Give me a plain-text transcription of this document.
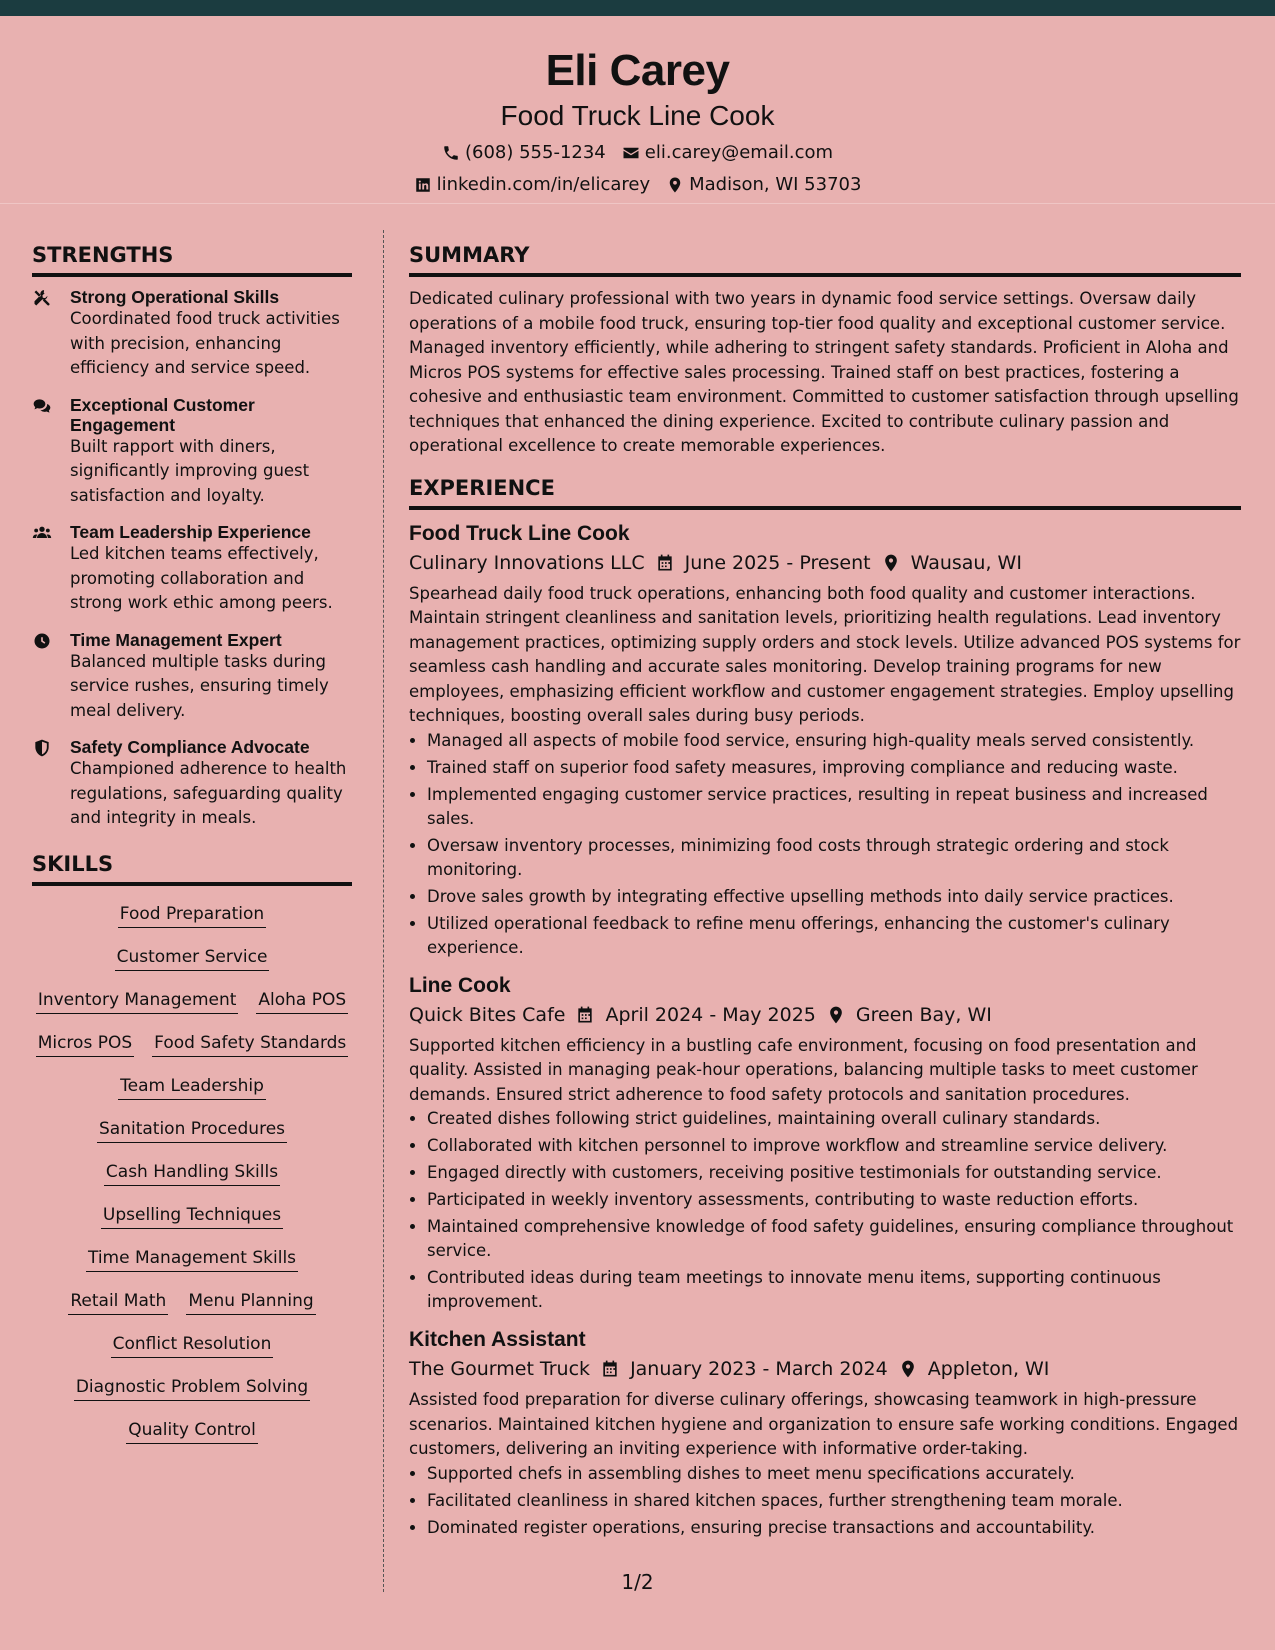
Eli Carey
Food Truck Line Cook
(608) 555-1234 eli.carey@email.com
linkedin.com/in/elicarey Madison, WI 53703
STRENGTHS
Strong Operational Skills
Coordinated food truck activities with precision, enhancing efficiency and service speed.
Exceptional Customer Engagement
Built rapport with diners, significantly improving guest satisfaction and loyalty.
Team Leadership Experience
Led kitchen teams effectively, promoting collaboration and strong work ethic among peers.
Time Management Expert
Balanced multiple tasks during service rushes, ensuring timely meal delivery.
Safety Compliance Advocate
Championed adherence to health regulations, safeguarding quality and integrity in meals.
SKILLS
Food Preparation
Customer Service
Inventory Management Aloha POS
Micros POS Food Safety Standards
Team Leadership
Sanitation Procedures
Cash Handling Skills
Upselling Techniques
Time Management Skills
Retail Math Menu Planning
Conflict Resolution
Diagnostic Problem Solving
Quality Control
SUMMARY

Dedicated culinary professional with two years in dynamic food service settings. Oversaw daily operations of a mobile food truck, ensuring top-tier food quality and exceptional customer service. Managed inventory efficiently, while adhering to stringent safety standards. Proficient in Aloha and Micros POS systems for effective sales processing. Trained staff on best practices, fostering a cohesive and enthusiastic team environment. Committed to customer satisfaction through upselling techniques that enhanced the dining experience. Excited to contribute culinary passion and operational excellence to create memorable experiences.

EXPERIENCE
Food Truck Line Cook
Culinary Innovations LLC June 2025 - Present Wausau, WI
Spearhead daily food truck operations, enhancing both food quality and customer interactions. Maintain stringent cleanliness and sanitation levels, prioritizing health regulations. Lead inventory management practices, optimizing supply orders and stock levels. Utilize advanced POS systems for seamless cash handling and accurate sales monitoring. Develop training programs for new employees, emphasizing efficient workflow and customer engagement strategies. Employ upselling techniques, boosting overall sales during busy periods.
• Managed all aspects of mobile food service, ensuring high-quality meals served consistently.
• Trained staff on superior food safety measures, improving compliance and reducing waste.
• Implemented engaging customer service practices, resulting in repeat business and increased sales.
• Oversaw inventory processes, minimizing food costs through strategic ordering and stock monitoring.
• Drove sales growth by integrating effective upselling methods into daily service practices.
• Utilized operational feedback to refine menu offerings, enhancing the customer's culinary experience.
Line Cook
Quick Bites Cafe April 2024 - May 2025 Green Bay, WI
Supported kitchen efficiency in a bustling cafe environment, focusing on food presentation and quality. Assisted in managing peak-hour operations, balancing multiple tasks to meet customer demands. Ensured strict adherence to food safety protocols and sanitation procedures.
• Created dishes following strict guidelines, maintaining overall culinary standards.
• Collaborated with kitchen personnel to improve workflow and streamline service delivery.
• Engaged directly with customers, receiving positive testimonials for outstanding service.
• Participated in weekly inventory assessments, contributing to waste reduction efforts.
• Maintained comprehensive knowledge of food safety guidelines, ensuring compliance throughout service.
• Contributed ideas during team meetings to innovate menu items, supporting continuous improvement.
Kitchen Assistant
The Gourmet Truck January 2023 - March 2024 Appleton, WI
Assisted food preparation for diverse culinary offerings, showcasing teamwork in high-pressure scenarios. Maintained kitchen hygiene and organization to ensure safe working conditions. Engaged customers, delivering an inviting experience with informative order-taking.
• Supported chefs in assembling dishes to meet menu specifications accurately.
• Facilitated cleanliness in shared kitchen spaces, further strengthening team morale.
• Dominated register operations, ensuring precise transactions and accountability.
1/2
